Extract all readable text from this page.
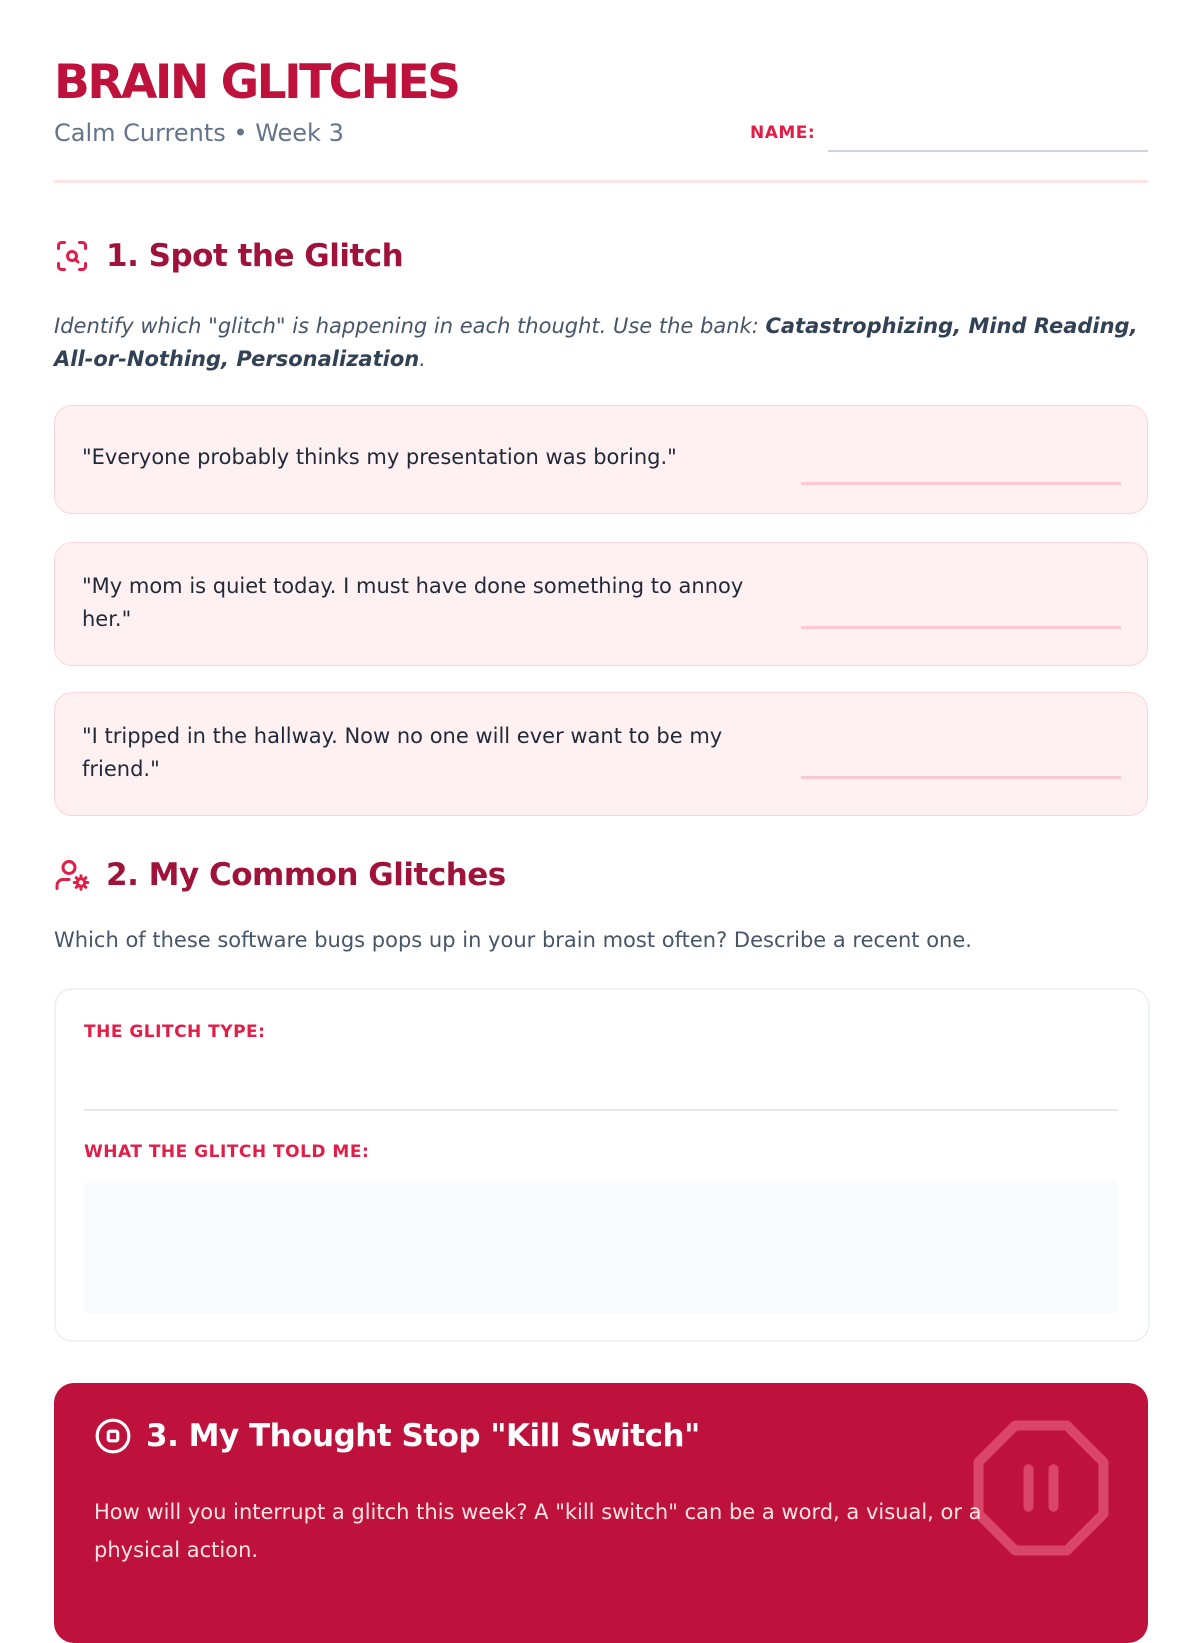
BRAIN GLITCHES
Calm Currents • Week 3	NAME:
1. Spot the Glitch
Identify which "glitch" is happening in each thought. Use the bank: Catastrophizing, Mind Reading, All-or-Nothing, Personalization.
"Everyone probably thinks my presentation was boring."
"My mom is quiet today. I must have done something to annoy her."
"I tripped in the hallway. Now no one will ever want to be my friend."
2. My Common Glitches
Which of these software bugs pops up in your brain most often? Describe a recent one.
THE GLITCH TYPE:
WHAT THE GLITCH TOLD ME:
3. My Thought Stop "Kill Switch"
How will you interrupt a glitch this week? A "kill switch" can be a word, a visual, or a physical action.
